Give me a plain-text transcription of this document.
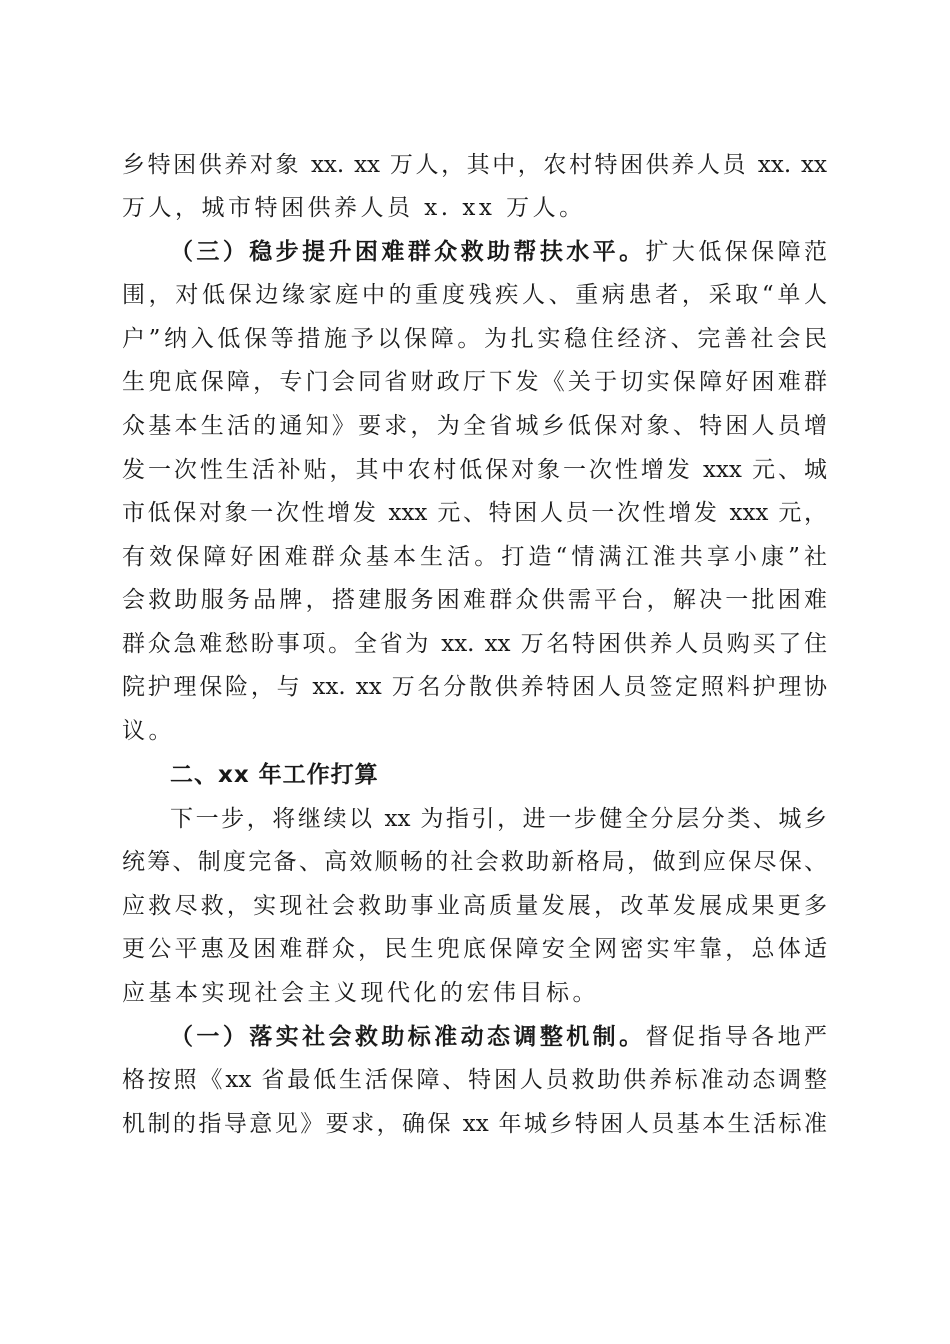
乡特困供养对象 xx. xx 万人，其中，农村特困供养人员 xx. xx
万人，城市特困供养人员 x. xx 万人。
（三）稳步提升困难群众救助帮扶水平。扩大低保保障范
围，对低保边缘家庭中的重度残疾人、重病患者，采取“单人
户”纳入低保等措施予以保障。为扎实稳住经济、完善社会民
生兜底保障，专门会同省财政厅下发《关于切实保障好困难群
众基本生活的通知》要求，为全省城乡低保对象、特困人员增
发一次性生活补贴，其中农村低保对象一次性增发 xxx 元、城
市低保对象一次性增发 xxx 元、特困人员一次性增发 xxx 元，
有效保障好困难群众基本生活。打造“情满江淮共享小康”社
会救助服务品牌，搭建服务困难群众供需平台，解决一批困难
群众急难愁盼事项。全省为 xx. xx 万名特困供养人员购买了住
院护理保险，与 xx. xx 万名分散供养特困人员签定照料护理协
议。
二、xx 年工作打算
下一步，将继续以 xx 为指引，进一步健全分层分类、城乡
统筹、制度完备、高效顺畅的社会救助新格局，做到应保尽保、
应救尽救，实现社会救助事业高质量发展，改革发展成果更多
更公平惠及困难群众，民生兜底保障安全网密实牢靠，总体适
应基本实现社会主义现代化的宏伟目标。
（一）落实社会救助标准动态调整机制。督促指导各地严
格按照《xx 省最低生活保障、特困人员救助供养标准动态调整
机制的指导意见》要求，确保 xx 年城乡特困人员基本生活标准
